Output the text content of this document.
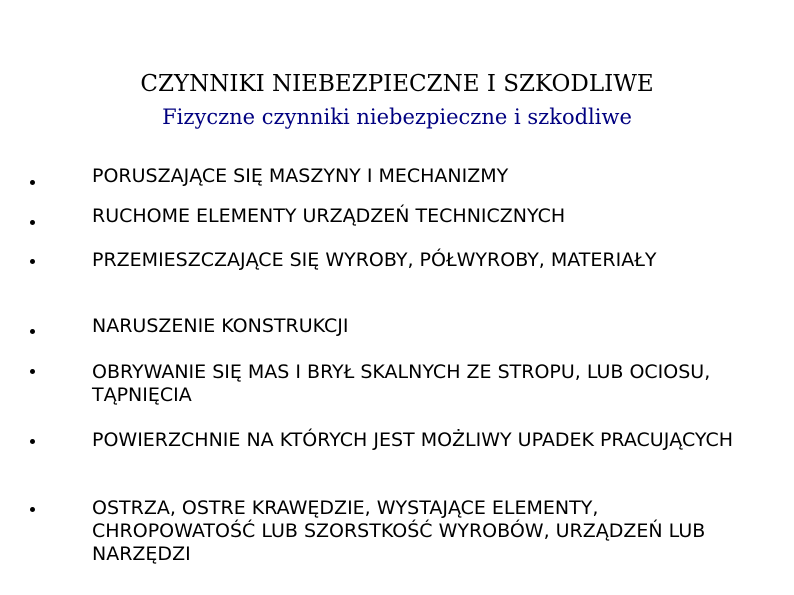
CZYNNIKI NIEBEZPIECZNE I SZKODLIWE
Fizyczne czynniki niebezpieczne i szkodliwe
PORUSZAJĄCE SIĘ MASZYNY I MECHANIZMY
RUCHOME ELEMENTY URZĄDZEŃ TECHNICZNYCH
PRZEMIESZCZAJĄCE SIĘ WYROBY, PÓŁWYROBY, MATERIAŁY
NARUSZENIE KONSTRUKCJI
OBRYWANIE SIĘ MAS I BRYŁ SKALNYCH ZE STROPU, LUB OCIOSU, TĄPNIĘCIA
POWIERZCHNIE NA KTÓRYCH JEST MOŻLIWY UPADEK PRACUJĄCYCH
OSTRZA, OSTRE KRAWĘDZIE, WYSTAJĄCE ELEMENTY, CHROPOWATOŚĆ LUB SZORSTKOŚĆ WYROBÓW, URZĄDZEŃ LUB NARZĘDZI
